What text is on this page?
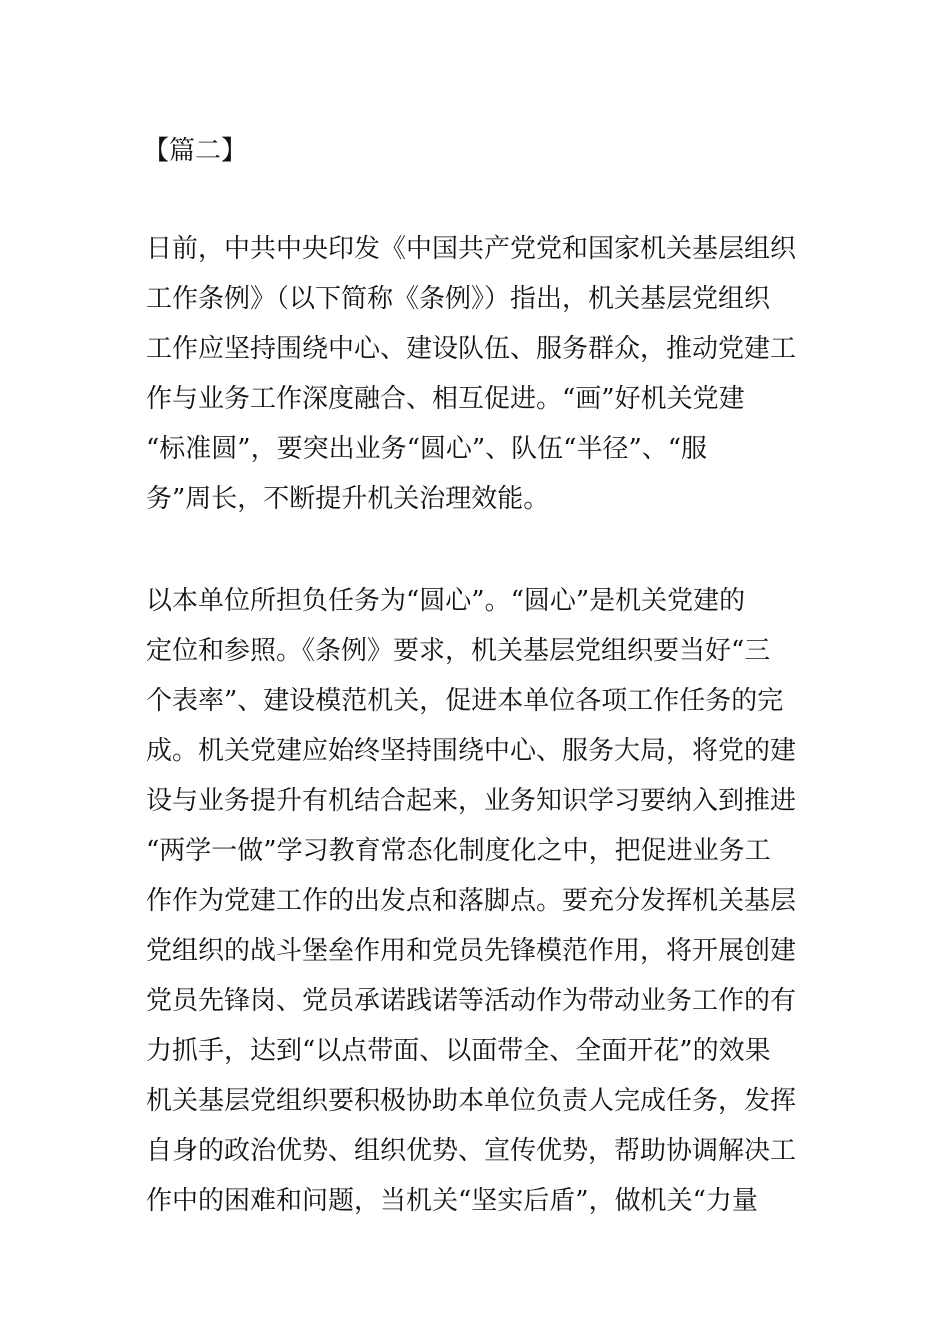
【篇二】
日前，中共中央印发《中国共产党党和国家机关基层组织
工作条例》（以下简称《条例》）指出，机关基层党组织
工作应坚持围绕中心、建设队伍、服务群众，推动党建工
作与业务工作深度融合、相互促进。“画”好机关党建
“标准圆”，要突出业务“圆心”、队伍“半径”、“服
务”周长，不断提升机关治理效能。
以本单位所担负任务为“圆心”。“圆心”是机关党建的
定位和参照。《条例》要求，机关基层党组织要当好“三
个表率”、建设模范机关，促进本单位各项工作任务的完
成。机关党建应始终坚持围绕中心、服务大局，将党的建
设与业务提升有机结合起来，业务知识学习要纳入到推进
“两学一做”学习教育常态化制度化之中，把促进业务工
作作为党建工作的出发点和落脚点。要充分发挥机关基层
党组织的战斗堡垒作用和党员先锋模范作用，将开展创建
党员先锋岗、党员承诺践诺等活动作为带动业务工作的有
力抓手，达到“以点带面、以面带全、全面开花”的效果
机关基层党组织要积极协助本单位负责人完成任务，发挥
自身的政治优势、组织优势、宣传优势，帮助协调解决工
作中的困难和问题，当机关“坚实后盾”，做机关“力量
